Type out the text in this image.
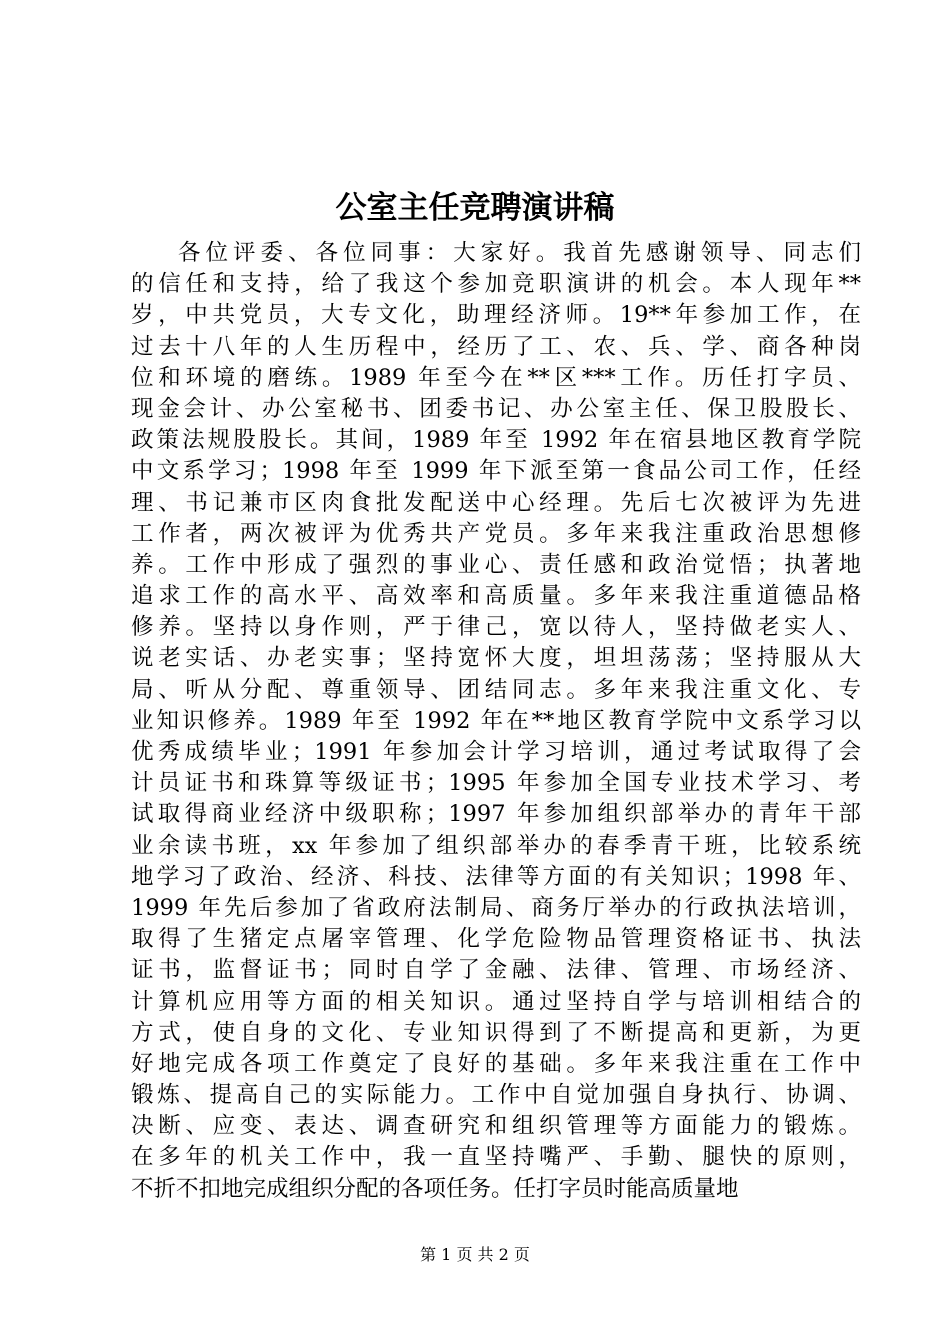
公室主任竞聘演讲稿
各位评委、各位同事：大家好。我首先感谢领导、同志们
的信任和支持，给了我这个参加竞职演讲的机会。本人现年**
岁，中共党员，大专文化，助理经济师。19**年参加工作，在
过去十八年的人生历程中，经历了工、农、兵、学、商各种岗
位和环境的磨练。1989 年至今在**区***工作。历任打字员、
现金会计、办公室秘书、团委书记、办公室主任、保卫股股长、
政策法规股股长。其间，1989 年至 1992 年在宿县地区教育学院
中文系学习；1998 年至 1999 年下派至第一食品公司工作，任经
理、书记兼市区肉食批发配送中心经理。先后七次被评为先进
工作者，两次被评为优秀共产党员。多年来我注重政治思想修
养。工作中形成了强烈的事业心、责任感和政治觉悟；执著地
追求工作的高水平、高效率和高质量。多年来我注重道德品格
修养。坚持以身作则，严于律己，宽以待人，坚持做老实人、
说老实话、办老实事；坚持宽怀大度，坦坦荡荡；坚持服从大
局、听从分配、尊重领导、团结同志。多年来我注重文化、专
业知识修养。1989 年至 1992 年在**地区教育学院中文系学习以
优秀成绩毕业；1991 年参加会计学习培训，通过考试取得了会
计员证书和珠算等级证书；1995 年参加全国专业技术学习、考
试取得商业经济中级职称；1997 年参加组织部举办的青年干部
业余读书班，xx 年参加了组织部举办的春季青干班，比较系统
地学习了政治、经济、科技、法律等方面的有关知识；1998 年、
1999 年先后参加了省政府法制局、商务厅举办的行政执法培训，
取得了生猪定点屠宰管理、化学危险物品管理资格证书、执法
证书，监督证书；同时自学了金融、法律、管理、市场经济、
计算机应用等方面的相关知识。通过坚持自学与培训相结合的
方式，使自身的文化、专业知识得到了不断提高和更新，为更
好地完成各项工作奠定了良好的基础。多年来我注重在工作中
锻炼、提高自己的实际能力。工作中自觉加强自身执行、协调、
决断、应变、表达、调查研究和组织管理等方面能力的锻炼。
在多年的机关工作中，我一直坚持嘴严、手勤、腿快的原则，
不折不扣地完成组织分配的各项任务。任打字员时能高质量地
第 1 页 共 2 页
